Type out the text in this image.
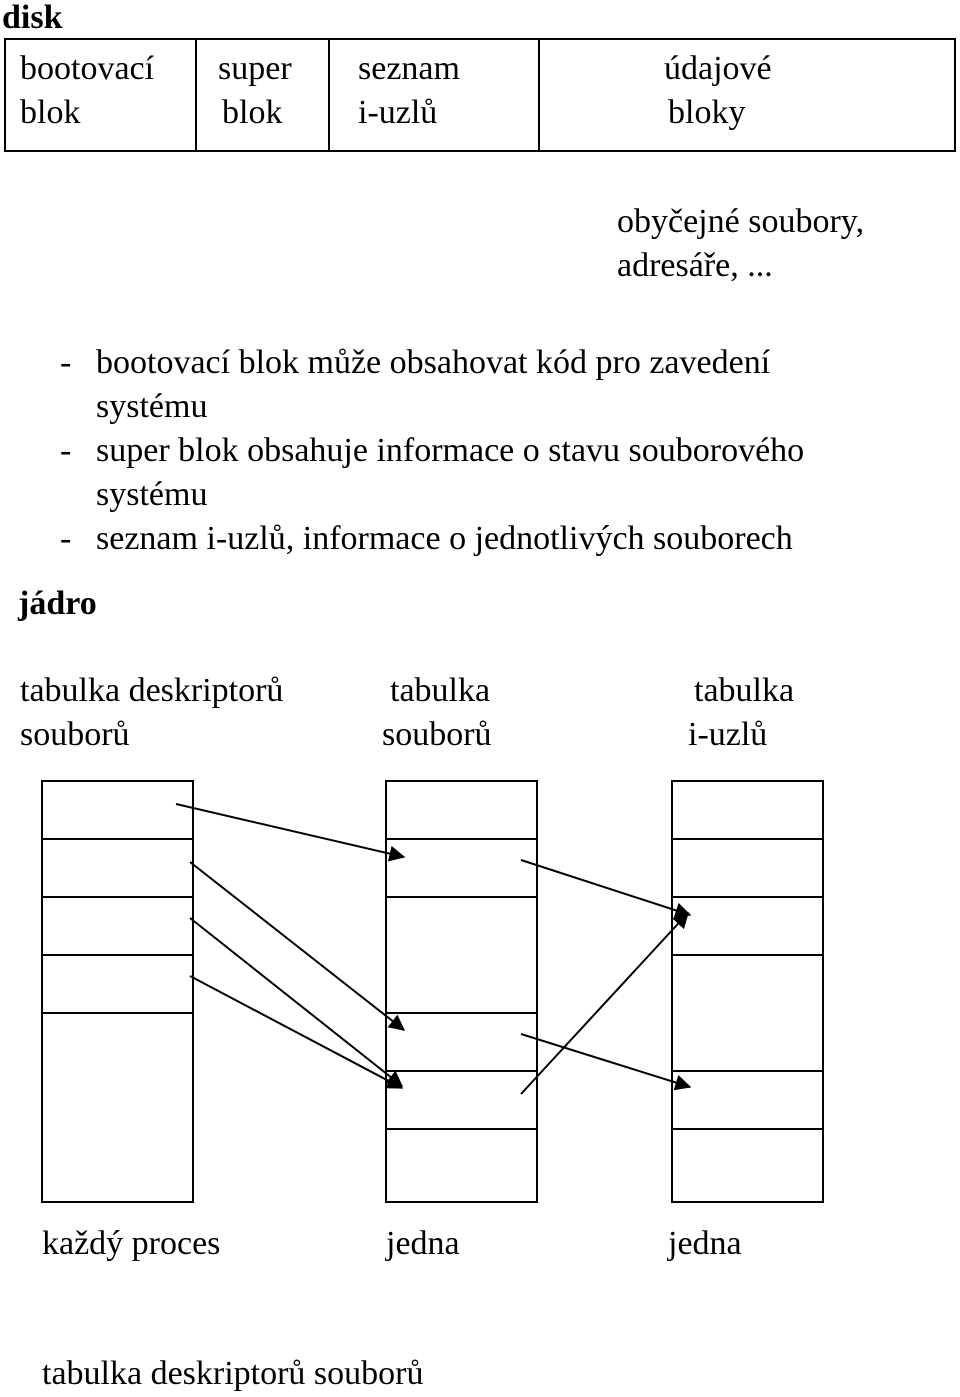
disk
bootovací
blok
super
blok
seznam
i-uzlů
údajové
bloky
obyčejné soubory,
adresáře, ...
- bootovací blok může obsahovat kód pro zavedení
systému
- super blok obsahuje informace o stavu souborového
systému
- seznam i-uzlů, informace o jednotlivých souborech
jádro
tabulka deskriptorů
souborů
tabulka
souborů
tabulka
i-uzlů
každý proces	jedna	jedna
tabulka deskriptorů souborů
